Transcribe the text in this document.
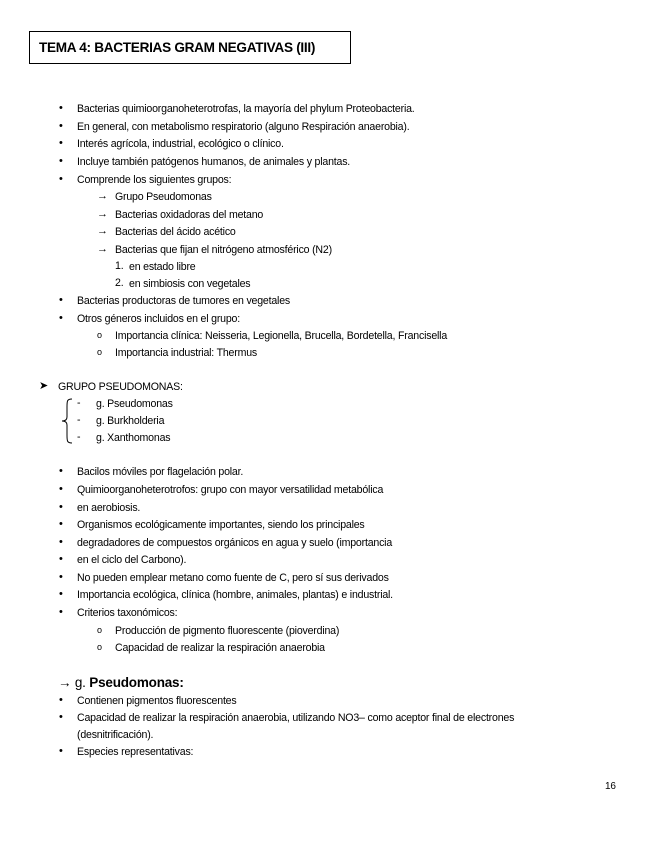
TEMA 4: BACTERIAS GRAM NEGATIVAS (III)
• Bacterias quimioorganoheterotrofas, la mayoría del phylum Proteobacteria.
• En general, con metabolismo respiratorio (alguno Respiración anaerobia).
• Interés agrícola, industrial, ecológico o clínico.
• Incluye también patógenos humanos, de animales y plantas.
• Comprende los siguientes grupos:
→ Grupo Pseudomonas
→ Bacterias oxidadoras del metano
→ Bacterias del ácido acético
→ Bacterias que fijan el nitrógeno atmosférico (N2)
1. en estado libre
2. en simbiosis con vegetales
• Bacterias productoras de tumores en vegetales
• Otros géneros incluidos en el grupo:
o Importancia clínica: Neisseria, Legionella, Brucella, Bordetella, Francisella
o Importancia industrial: Thermus
➤ GRUPO PSEUDOMONAS:
- g. Pseudomonas
- g. Burkholderia
- g. Xanthomonas
• Bacilos móviles por flagelación polar.
• Quimioorganoheterotrofos: grupo con mayor versatilidad metabólica
• en aerobiosis.
• Organismos ecológicamente importantes, siendo los principales
• degradadores de compuestos orgánicos en agua y suelo (importancia
• en el ciclo del Carbono).
• No pueden emplear metano como fuente de C, pero sí sus derivados
• Importancia ecológica, clínica (hombre, animales, plantas) e industrial.
• Criterios taxonómicos:
o Producción de pigmento fluorescente (pioverdina)
o Capacidad de realizar la respiración anaerobia
→ g. Pseudomonas:
• Contienen pigmentos fluorescentes
• Capacidad de realizar la respiración anaerobia, utilizando NO3– como aceptor final de electrones
(desnitrificación).
• Especies representativas:
16
